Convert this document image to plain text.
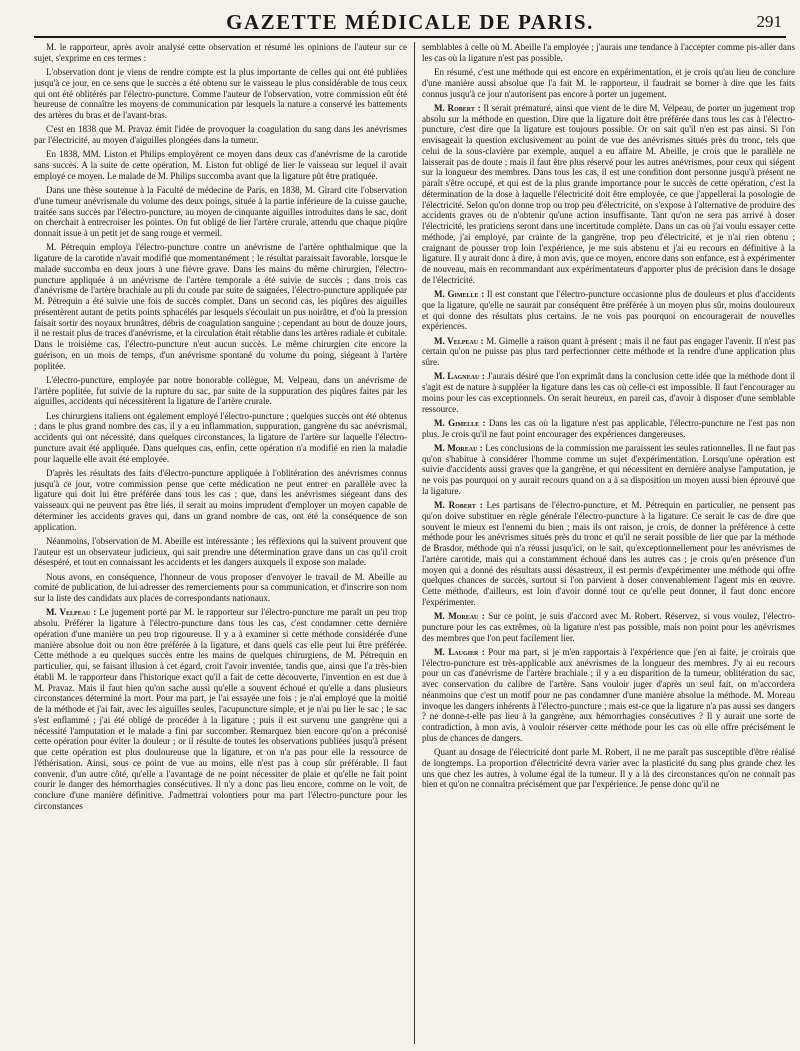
GAZETTE MÉDICALE DE PARIS.	291

M. le rapporteur, après avoir analysé cette observation et résumé les opinions de l'auteur sur ce sujet, s'exprime en ces termes :

L'observation dont je viens de rendre compte est la plus importante de celles qui ont été publiées jusqu'à ce jour, en ce sens que le succès a été obtenu sur le vaisseau le plus considérable de tous ceux qui ont été oblitérés par l'électro-puncture. Comme l'auteur de l'observation, votre commission eût été heureuse de connaître les moyens de communication par lesquels la nature a conservé les battements des artères du bras et de l'avant-bras.

C'est en 1838 que M. Pravaz émit l'idée de provoquer la coagulation du sang dans les anévrismes par l'électricité, au moyen d'aiguilles plongées dans la tumeur.

En 1838, MM. Liston et Philips employèrent ce moyen dans deux cas d'anévrisme de la carotide sans succès. A la suite de cette opération, M. Liston fut obligé de lier le vaisseau sur lequel il avait employé ce moyen. Le malade de M. Philips succomba avant que la ligature pût être pratiquée.

Dans une thèse soutenue à la Faculté de médecine de Paris, en 1838, M. Girard cite l'observation d'une tumeur anévrismale du volume des deux poings, située à la partie inférieure de la cuisse gauche, traitée sans succès par l'électro-puncture, au moyen de cinquante aiguilles introduites dans le sac, dont on cherchait à entrecroiser les pointes. On fut obligé de lier l'artère crurale, attendu que chaque piqûre donnait issue à un petit jet de sang rouge et vermeil.

M. Pétrequin employa l'électro-puncture contre un anévrisme de l'artère ophthalmique que la ligature de la carotide n'avait modifié que momentanément ; le résultat paraissait favorable, lorsque le malade succomba en deux jours à une fièvre grave. Dans les mains du même chirurgien, l'électro-puncture appliquée à un anévrisme de l'artère temporale a été suivie de succès ; dans trois cas d'anévrisme de l'artère brachiale au pli du coude par suite de saignées, l'électro-puncture appliquée par M. Pétrequin a été suivie une fois de succès complet. Dans un second cas, les piqûres des aiguilles présentèrent autant de petits points sphacélés par lesquels s'écoulait un pus noirâtre, et d'où la pression faisait sortir des noyaux brunâtres, débris de coagulation sanguine ; cependant au bout de douze jours, il ne restait plus de traces d'anévrisme, et la circulation était rétablie dans les artères radiale et cubitale. Dans le troisième cas, l'électro-puncture n'eut aucun succès. Le même chirurgien cite encore la guérison, en un mois de temps, d'un anévrisme spontané du volume du poing, siégeant à l'artère poplitée.

L'électro-puncture, employée par notre honorable collègue, M. Velpeau, dans un anévrisme de l'artère poplitée, fut suivie de la rupture du sac, par suite de la suppuration des piqûres faites par les aiguilles, accidents qui nécessitèrent la ligature de l'artère crurale.

Les chirurgiens italiens ont également employé l'électro-puncture ; quelques succès ont été obtenus ; dans le plus grand nombre des cas, il y a eu inflammation, suppuration, gangrène du sac anévrismal, accidents qui ont nécessité, dans quelques circonstances, la ligature de l'artère sur laquelle l'électro-puncture avait été appliquée. Dans quelques cas, enfin, cette opération n'a modifié en rien la maladie pour laquelle elle avait été employée.

D'après les résultats des faits d'électro-puncture appliquée à l'oblitération des anévrismes connus jusqu'à ce jour, votre commission pense que cette médication ne peut entrer en parallèle avec la ligature qui doit lui être préférée dans tous les cas ; que, dans les anévrismes siégeant dans des vaisseaux qui ne peuvent pas être liés, il serait au moins imprudent d'employer un moyen capable de déterminer les accidents graves qui, dans un grand nombre de cas, ont été la conséquence de son application.

Néanmoins, l'observation de M. Abeille est intéressante ; les réflexions qui la suivent prouvent que l'auteur est un observateur judicieux, qui sait prendre une détermination grave dans un cas qu'il croit désespéré, et tout en connaissant les accidents et les dangers auxquels il expose son malade.

Nous avons, en conséquence, l'honneur de vous proposer d'envoyer le travail de M. Abeille au comité de publication, de lui adresser des remerciements pour sa communication, et d'inscrire son nom sur la liste des candidats aux places de correspondants nationaux.

M. Velpeau : Le jugement porté par M. le rapporteur sur l'électro-puncture me paraît un peu trop absolu. Préférer la ligature à l'électro-puncture dans tous les cas, c'est condamner cette dernière opération d'une manière un peu trop rigoureuse. Il y a à examiner si cette méthode considérée d'une manière absolue doit ou non être préférée à la ligature, et dans quels cas elle peut lui être préférée. Cette méthode a eu quelques succès entre les mains de quelques chirurgiens, de M. Pétrequin en particulier, qui, se faisant illusion à cet égard, croit l'avoir inventée, tandis que, ainsi que l'a très-bien établi M. le rapporteur dans l'historique exact qu'il a fait de cette découverte, l'invention en est due à M. Pravaz. Mais il faut bien qu'on sache aussi qu'elle a souvent échoué et qu'elle a dans plusieurs circonstances déterminé la mort. Pour ma part, je l'ai essayée une fois ; je n'ai employé que la moitié de la méthode et j'ai fait, avec les aiguilles seules, l'acupuncture simple, et je n'ai pu lier le sac ; le sac s'est enflammé ; j'ai été obligé de procéder à la ligature ; puis il est survenu une gangrène qui a nécessité l'amputation et le malade a fini par succomber. Remarquez bien encore qu'on a préconisé cette opération pour éviter la douleur ; or il résulte de toutes les observations publiées jusqu'à présent que cette opération est plus douloureuse que la ligature, et on n'a pas pour elle la ressource de l'éthérisation. Ainsi, sous ce point de vue au moins, elle n'est pas à coup sûr préférable. Il faut convenir, d'un autre côté, qu'elle a l'avantage de ne point nécessiter de plaie et qu'elle ne fait point courir le danger des hémorrhagies consécutives. Il n'y a donc pas lieu encore, comme on le voit, de conclure d'une manière définitive. J'admettrai volontiers pour ma part l'électro-puncture pour les circonstances

semblables à celle où M. Abeille l'a employée ; j'aurais une tendance à l'accepter comme pis-aller dans les cas où la ligature n'est pas possible.

En résumé, c'est une méthode qui est encore en expérimentation, et je crois qu'au lieu de conclure d'une manière aussi absolue que l'a fait M. le rapporteur, il faudrait se borner à dire que les faits connus jusqu'à ce jour n'autorisent pas encore à porter un jugement.

M. Robert : Il serait prématuré, ainsi que vient de le dire M. Velpeau, de porter un jugement trop absolu sur la méthode en question. Dire que la ligature doit être préférée dans tous les cas à l'électro-puncture, c'est dire que la ligature est toujours possible. Or on sait qu'il n'en est pas ainsi. Si l'on envisageait la question exclusivement au point de vue des anévrismes situés près du tronc, tels que celui de la sous-clavière par exemple, auquel a eu affaire M. Abeille, je crois que le parallèle ne laisserait pas de doute ; mais il faut être plus réservé pour les autres anévrismes, pour ceux qui siégent sur la longueur des membres. Dans tous les cas, il est une condition dont personne jusqu'à présent ne paraît s'être occupé, et qui est de la plus grande importance pour le succès de cette opération, c'est la détermination de la dose à laquelle l'électricité doit être employée, ce que j'appellerai la posologie de l'électricité. Selon qu'on donne trop ou trop peu d'électricité, on s'expose à l'alternative de produire des accidents graves ou de n'obtenir qu'une action insuffisante. Tant qu'on ne sera pas arrivé à doser l'électricité, les praticiens seront dans une incertitude complète. Dans un cas où j'ai voulu essayer cette méthode, j'ai employé, par crainte de la gangrène, trop peu d'électricité, et je n'ai rien obtenu ; craignant de pousser trop loin l'expérience, je me suis abstenu et j'ai eu recours en définitive à la ligature. Il y aurait donc à dire, à mon avis, que ce moyen, encore dans son enfance, est à expérimenter de nouveau, mais en recommandant aux expérimentateurs d'apporter plus de précision dans le dosage de l'électricité.

M. Gimelle : Il est constant que l'électro-puncture occasionne plus de douleurs et plus d'accidents que la ligature, qu'elle ne saurait par conséquent être préférée à un moyen plus sûr, moins douloureux et qui donne des résultats plus certains. Je ne vois pas pourquoi on encouragerait de nouvelles expériences.

M. Velpeau : M. Gimelle a raison quant à présent ; mais il ne faut pas engager l'avenir. Il n'est pas certain qu'on ne puisse pas plus tard perfectionner cette méthode et la rendre d'une application plus sûre.

M. Lagneau : J'aurais désiré que l'on exprimât dans la conclusion cette idée que la méthode dont il s'agit est de nature à suppléer la ligature dans les cas où celle-ci est impossible. Il faut l'encourager au moins pour les cas exceptionnels. On serait heureux, en pareil cas, d'avoir à disposer d'une semblable ressource.

M. Gimelle : Dans les cas où la ligature n'est pas applicable, l'électro-puncture ne l'est pas non plus. Je crois qu'il ne faut point encourager des expériences dangereuses.

M. Moreau : Les conclusions de la commission me paraissent les seules rationnelles. Il ne faut pas qu'on s'habitue à considérer l'homme comme un sujet d'expérimentation. Lorsqu'une opération est suivie d'accidents aussi graves que la gangrène, et qui nécessitent en dernière analyse l'amputation, je ne vois pas pourquoi on y aurait recours quand on a à sa disposition un moyen aussi bien éprouvé que la ligature.

M. Robert : Les partisans de l'électro-puncture, et M. Pétrequin en particulier, ne pensent pas qu'on doive substituer en règle générale l'électro-puncture à la ligature. Ce serait le cas de dire que souvent le mieux est l'ennemi du bien ; mais ils ont raison, je crois, de donner la préférence à cette méthode pour les anévrismes situés près du tronc et qu'il ne serait possible de lier que par la méthode de Brasdor, méthode qui n'a réussi jusqu'ici, on le sait, qu'exceptionnellement pour les anévrismes de l'artère carotide, mais qui a constamment échoué dans les autres cas ; je crois qu'en présence d'un moyen qui a donné des résultats aussi désastreux, il est permis d'expérimenter une méthode qui offre quelques chances de succès, surtout si l'on parvient à doser convenablement l'agent mis en œuvre. Cette méthode, d'ailleurs, est loin d'avoir donné tout ce qu'elle peut donner, il faut donc encore l'expérimenter.

M. Moreau : Sur ce point, je suis d'accord avec M. Robert. Réservez, si vous voulez, l'électro-puncture pour les cas extrêmes, où la ligature n'est pas possible, mais non point pour les anévrismes des membres que l'on peut facilement lier.

M. Laugier : Pour ma part, si je m'en rapportais à l'expérience que j'en ai faite, je croirais que l'électro-puncture est très-applicable aux anévrismes de la longueur des membres. J'y ai eu recours pour un cas d'anévrisme de l'artère brachiale ; il y a eu disparition de la tumeur, oblitération du sac, avec conservation du calibre de l'artère. Sans vouloir juger d'après un seul fait, on m'accordera néanmoins que c'est un motif pour ne pas condamner d'une manière absolue la méthode. M. Moreau invoque les dangers inhérents à l'électro-puncture ; mais est-ce que la ligature n'a pas aussi ses dangers ? ne donne-t-elle pas lieu à la gangrène, aux hémorrhagies consécutives ? Il y aurait une sorte de contradiction, à mon avis, à vouloir réserver cette méthode pour les cas où elle offre précisément le plus de chances de dangers.

Quant au dosage de l'électricité dont parle M. Robert, il ne me paraît pas susceptible d'être réalisé de longtemps. La proportion d'électricité devra varier avec la plasticité du sang plus grande chez les uns que chez les autres, à volume égal de la tumeur. Il y a là des circonstances qu'on ne connaît pas bien et qu'on ne connaîtra précisément que par l'expérience. Je pense donc qu'il ne
